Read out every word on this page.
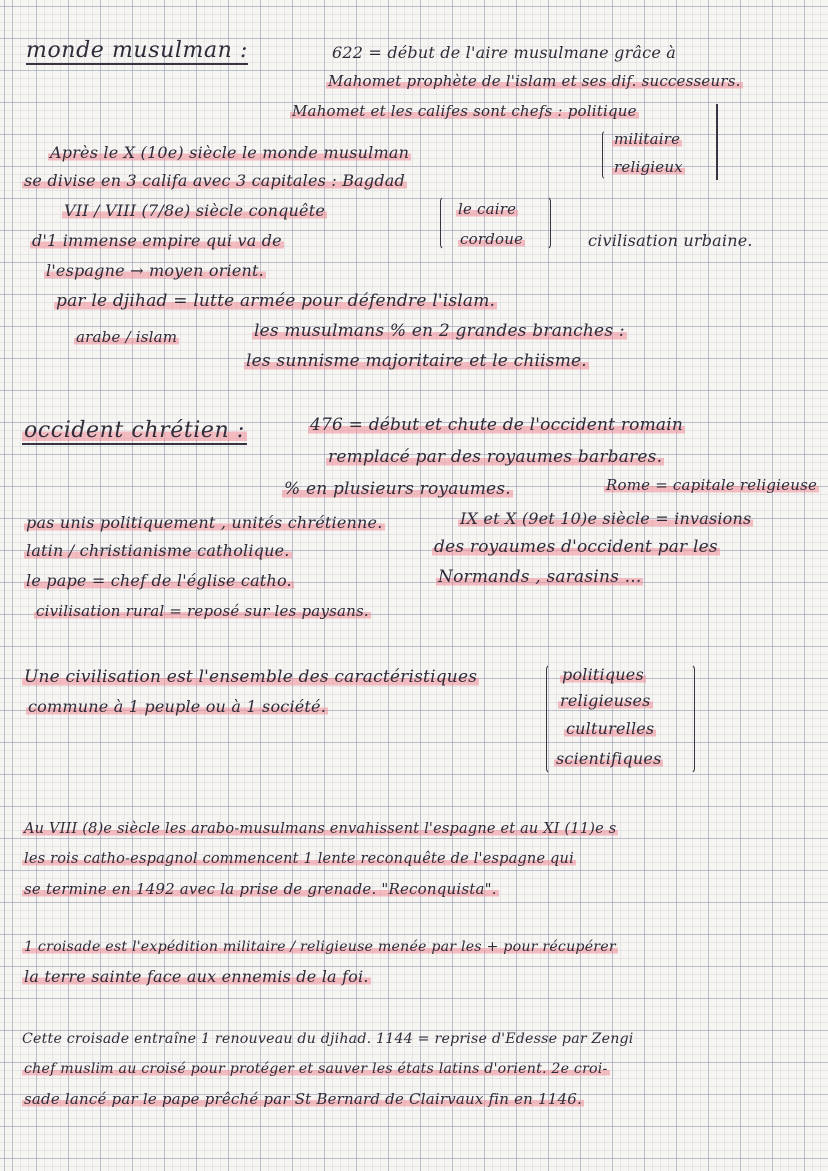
monde musulman :	622 = début de l'aire musulmane grâce à
Mahomet prophète de l'islam et ses dif. successeurs.
Mahomet et les califes sont chefs : politique
militaire
religieux
Après le X (10e) siècle le monde musulman
se divise en 3 califa avec 3 capitales : Bagdad
le caire
cordoue
VII / VIII (7/8e) siècle conquête
d'1 immense empire qui va de	civilisation urbaine.
l'espagne → moyen orient.
par le djihad = lutte armée pour défendre l'islam.
arabe / islam	les musulmans % en 2 grandes branches :
les sunnisme majoritaire et le chiisme.
occident chrétien :	476 = début et chute de l'occident romain
remplacé par des royaumes barbares.
% en plusieurs royaumes.	Rome = capitale religieuse
pas unis politiquement , unités chrétienne.	IX et X (9et 10)e siècle = invasions
latin / christianisme catholique.	des royaumes d'occident par les
le pape = chef de l'église catho.	Normands , sarasins ...
civilisation rural = reposé sur les paysans.
Une civilisation est l'ensemble des caractéristiques
commune à 1 peuple ou à 1 société.
politiques
religieuses
culturelles
scientifiques
Au VIII (8)e siècle les arabo-musulmans envahissent l'espagne et au XI (11)e s
les rois catho-espagnol commencent 1 lente reconquête de l'espagne qui
se termine en 1492 avec la prise de grenade. "Reconquista".
1 croisade est l'expédition militaire / religieuse menée par les + pour récupérer
la terre sainte face aux ennemis de la foi.
Cette croisade entraîne 1 renouveau du djihad. 1144 = reprise d'Edesse par Zengi
chef muslim au croisé pour protéger et sauver les états latins d'orient. 2e croi-
sade lancé par le pape prêché par St Bernard de Clairvaux fin en 1146.
